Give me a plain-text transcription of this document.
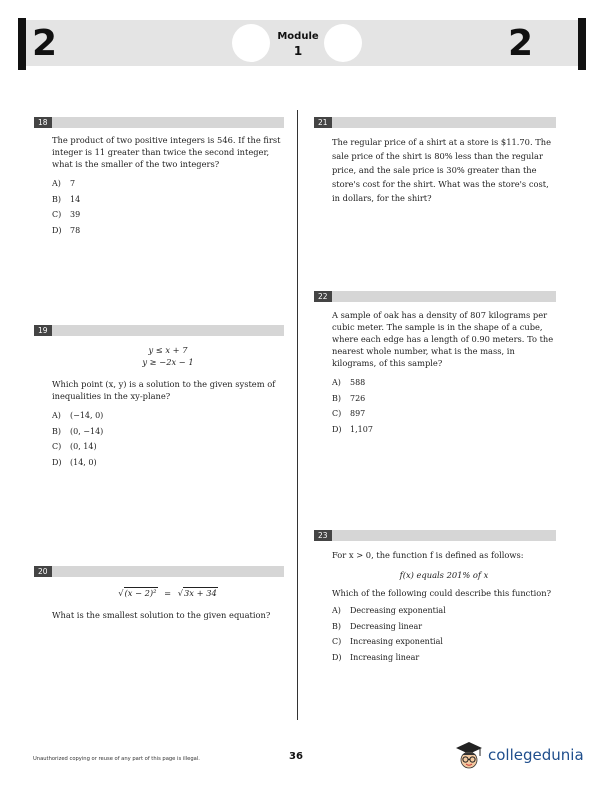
2	2
Module
1
18

The product of two positive integers is 546. If the first integer is 11 greater than twice the second integer, what is the smaller of the two integers?

A)	7
B)	14
C)	39
D)	78
19
y ≤ x + 7
y ≥ −2x − 1

Which point (x, y) is a solution to the given system of inequalities in the xy-plane?

A)	(−14, 0)
B)	(0, −14)
C)	(0, 14)
D)	(14, 0)
20
√(x − 2)² = √3x + 34

What is the smallest solution to the given equation?

21

The regular price of a shirt at a store is $11.70. The sale price of the shirt is 80% less than the regular price, and the sale price is 30% greater than the store's cost for the shirt. What was the store's cost, in dollars, for the shirt?

22

A sample of oak has a density of 807 kilograms per cubic meter. The sample is in the shape of a cube, where each edge has a length of 0.90 meters. To the nearest whole number, what is the mass, in kilograms, of this sample?

A)	588
B)	726
C)	897
D)	1,107
23

For x > 0, the function f is defined as follows:

f(x) equals 201% of x

Which of the following could describe this function?

A)	Decreasing exponential
B)	Decreasing linear
C)	Increasing exponential
D)	Increasing linear
Unauthorized copying or reuse of any part of this page is illegal.	36	collegedunia
